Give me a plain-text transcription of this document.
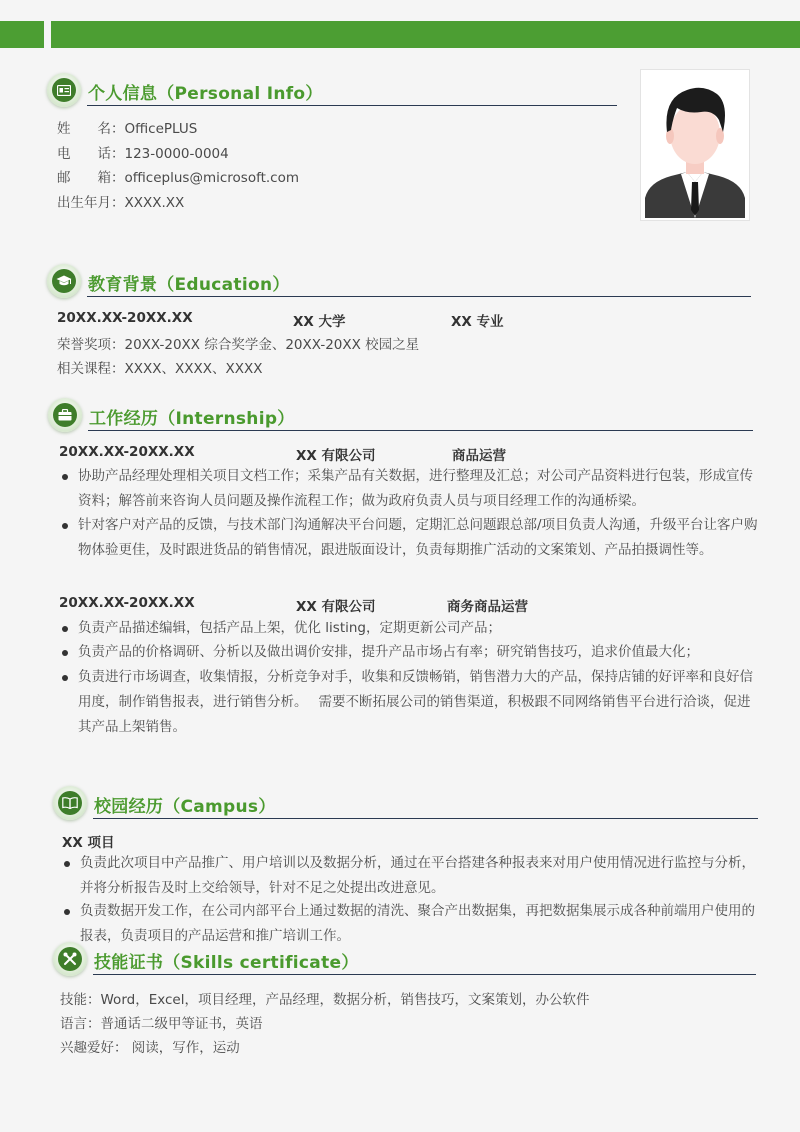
个人信息（Personal Info）
姓　　名：OfficePLUS
电　　话：123-0000-0004
邮　　箱：officeplus@microsoft.com
出生年月：XXXX.XX
教育背景（Education）
20XX.XX-20XX.XX	XX 大学	XX 专业
荣誉奖项：20XX-20XX 综合奖学金、20XX-20XX 校园之星
相关课程：XXXX、XXXX、XXXX
工作经历（Internship）
20XX.XX-20XX.XX	XX 有限公司	商品运营
协助产品经理处理相关项目文档工作；采集产品有关数据，进行整理及汇总；对公司产品资料进行包装，形成宣传资料；解答前来咨询人员问题及操作流程工作；做为政府负责人员与项目经理工作的沟通桥梁。
针对客户对产品的反馈，与技术部门沟通解决平台问题，定期汇总问题跟总部/项目负责人沟通，升级平台让客户购物体验更佳，及时跟进货品的销售情况，跟进版面设计，负责每期推广活动的文案策划、产品拍摄调性等。
20XX.XX-20XX.XX	XX 有限公司	商务商品运营
负责产品描述编辑，包括产品上架，优化 listing，定期更新公司产品；
负责产品的价格调研、分析以及做出调价安排，提升产品市场占有率；研究销售技巧，追求价值最大化；
负责进行市场调查，收集情报，分析竞争对手，收集和反馈畅销，销售潜力大的产品，保持店铺的好评率和良好信用度，制作销售报表，进行销售分析。　 需要不断拓展公司的销售渠道，积极跟不同网络销售平台进行洽谈，促进其产品上架销售。
校园经历（Campus）
XX 项目
负责此次项目中产品推广、用户培训以及数据分析，通过在平台搭建各种报表来对用户使用情况进行监控与分析，并将分析报告及时上交给领导，针对不足之处提出改进意见。
负责数据开发工作，在公司内部平台上通过数据的清洗、聚合产出数据集，再把数据集展示成各种前端用户使用的报表，负责项目的产品运营和推广培训工作。
技能证书（Skills certificate）
技能：Word，Excel，项目经理，产品经理，数据分析，销售技巧，文案策划，办公软件
语言：普通话二级甲等证书，英语
兴趣爱好： 阅读，写作，运动
